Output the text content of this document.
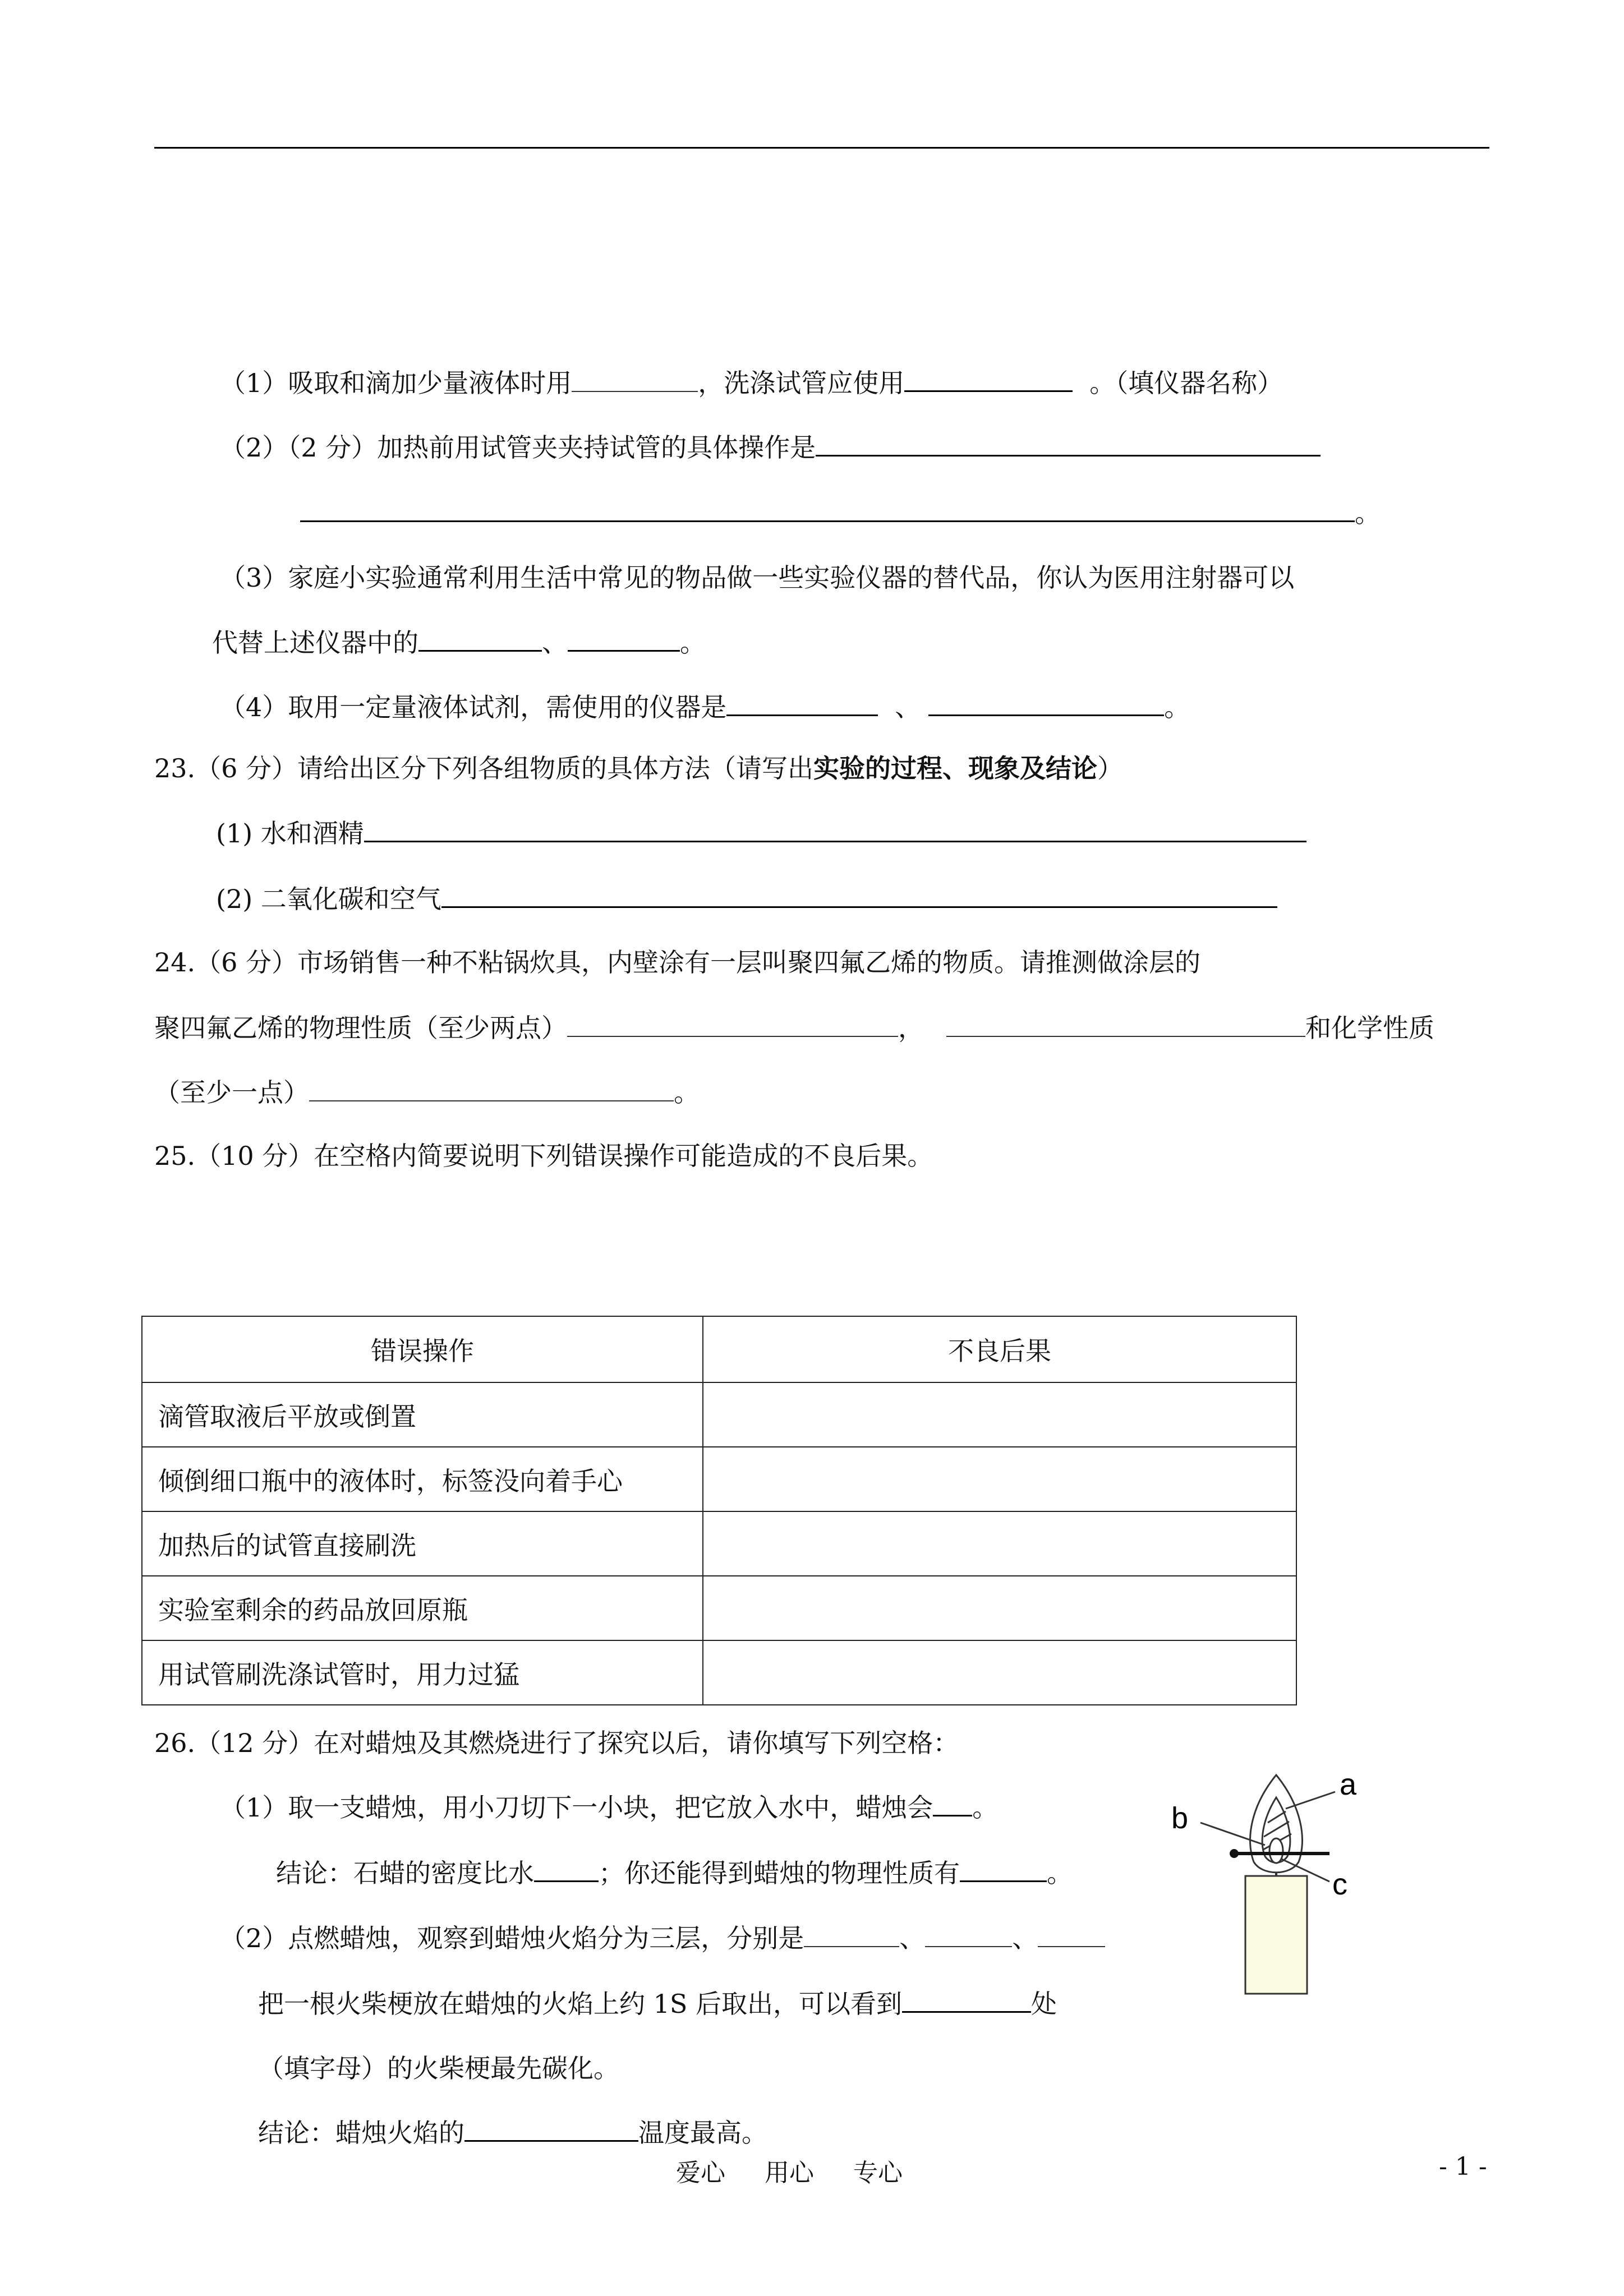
（1）吸取和滴加少量液体时用	，洗涤试管应使用	。（填仪器名称）
（2）（2 分）加热前用试管夹夹持试管的具体操作是
。
（3）家庭小实验通常利用生活中常见的物品做一些实验仪器的替代品，你认为医用注射器可以
代替上述仪器中的	、	。
（4）取用一定量液体试剂，需使用的仪器是	、	。
23.（6 分）请给出区分下列各组物质的具体方法（请写出实验的过程、现象及结论）
(1) 水和酒精
(2) 二氧化碳和空气
24.（6 分）市场销售一种不粘锅炊具，内壁涂有一层叫聚四氟乙烯的物质。请推测做涂层的
聚四氟乙烯的物理性质（至少两点）	，	和化学性质
（至少一点）	。
25.（10 分）在空格内简要说明下列错误操作可能造成的不良后果。
错误操作	不良后果
滴管取液后平放或倒置	
倾倒细口瓶中的液体时，标签没向着手心	
加热后的试管直接刷洗	
实验室剩余的药品放回原瓶	
用试管刷洗涤试管时，用力过猛	
26.（12 分）在对蜡烛及其燃烧进行了探究以后，请你填写下列空格：
（1）取一支蜡烛，用小刀切下一小块，把它放入水中，蜡烛会 。
结论：石蜡的密度比水	；你还能得到蜡烛的物理性质有	。
（2）点燃蜡烛，观察到蜡烛火焰分为三层，分别是	、	、
把一根火柴梗放在蜡烛的火焰上约 1S 后取出，可以看到	处
（填字母）的火柴梗最先碳化。
结论：蜡烛火焰的	温度最高。
a
b
c
爱心 用心 专心	- 1 -
